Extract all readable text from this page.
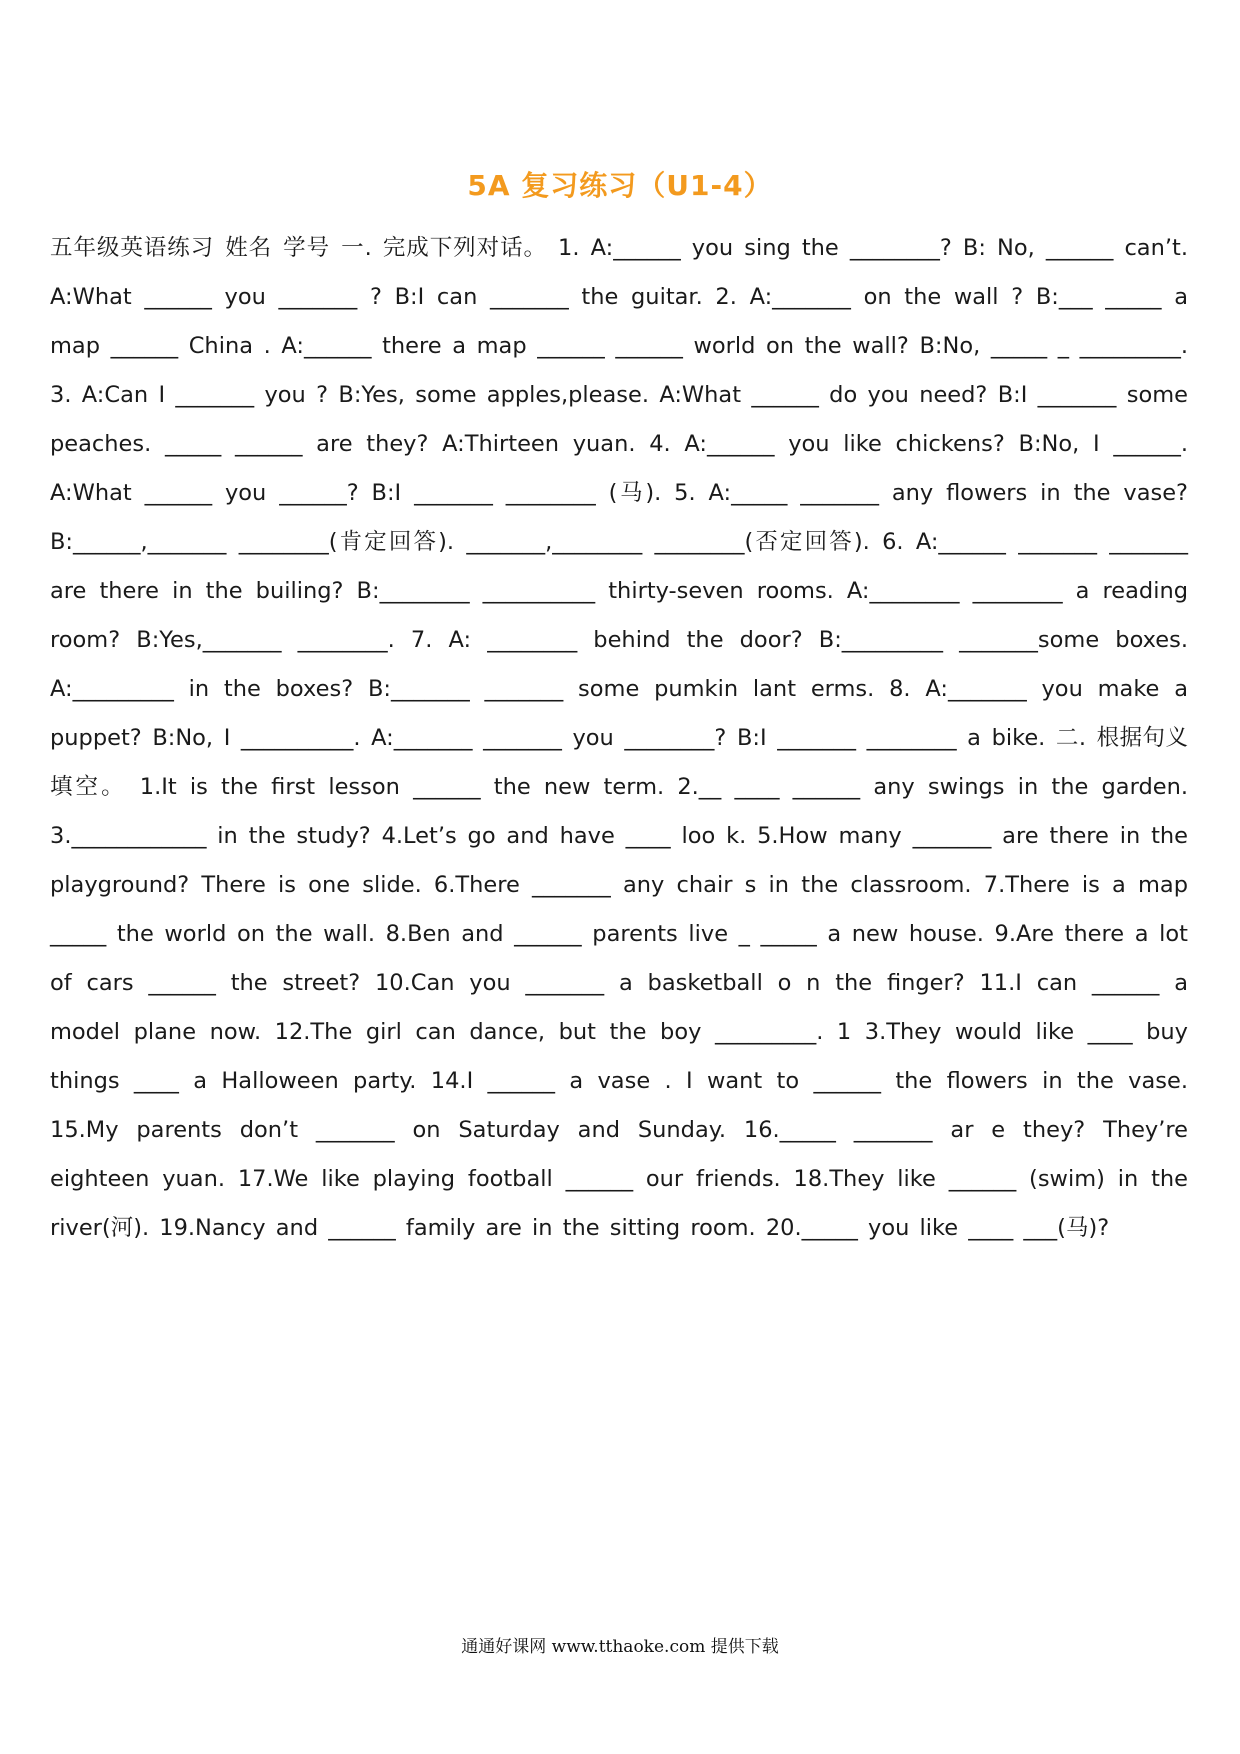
5A 复习练习（U1-4）

五年级英语练习 姓名 学号 一. 完成下列对话。 1. A:______ you sing the ________? B: No, ______ can’t. A:What ______ you _______ ? B:I can _______ the guitar. 2. A:_______ on the wall ? B:___ _____ a map ______ China . A:______ there a map ______ ______ world on the wall? B:No, _____ _ _________. 3. A:Can I _______ you ? B:Yes, some apples,please. A:What ______ do you need? B:I _______ some peaches. _____ ______ are they? A:Thirteen yuan. 4. A:______ you like chickens? B:No, I ______. A:What ______ you ______? B:I _______ ________ (马). 5. A:_____ _______ any flowers in the vase? B:______,_______ ________(肯定回答). _______,________ ________(否定回答). 6. A:______ _______ _______ are there in the builing? B:________ __________ thirty-seven rooms. A:________ ________ a reading room? B:Yes,_______ ________. 7. A: ________ behind the door? B:_________ _______some boxes. A:_________ in the boxes? B:_______ _______ some pumkin lant erms. 8. A:_______ you make a puppet? B:No, I __________. A:_______ _______ you ________? B:I _______ ________ a bike. 二. 根据句义填空。 1.It is the first lesson ______ the new term. 2.__ ____ ______ any swings in the garden. 3.____________ in the study? 4.Let’s go and have ____ loo k. 5.How many _______ are there in the playground? There is one slide. 6.There _______ any chair s in the classroom. 7.There is a map _____ the world on the wall. 8.Ben and ______ parents live _ _____ a new house. 9.Are there a lot of cars ______ the street? 10.Can you _______ a basketball o n the finger? 11.I can ______ a model plane now. 12.The girl can dance, but the boy _________. 1 3.They would like ____ buy things ____ a Halloween party. 14.I ______ a vase . I want to ______ the flowers in the vase. 15.My parents don’t _______ on Saturday and Sunday. 16._____ _______ ar e they? They’re eighteen yuan. 17.We like playing football ______ our friends. 18.They like ______ (swim) in the river(河). 19.Nancy and ______ family are in the sitting room. 20._____ you like ____ ___(马)?

通通好课网 www.tthaoke.com 提供下载
